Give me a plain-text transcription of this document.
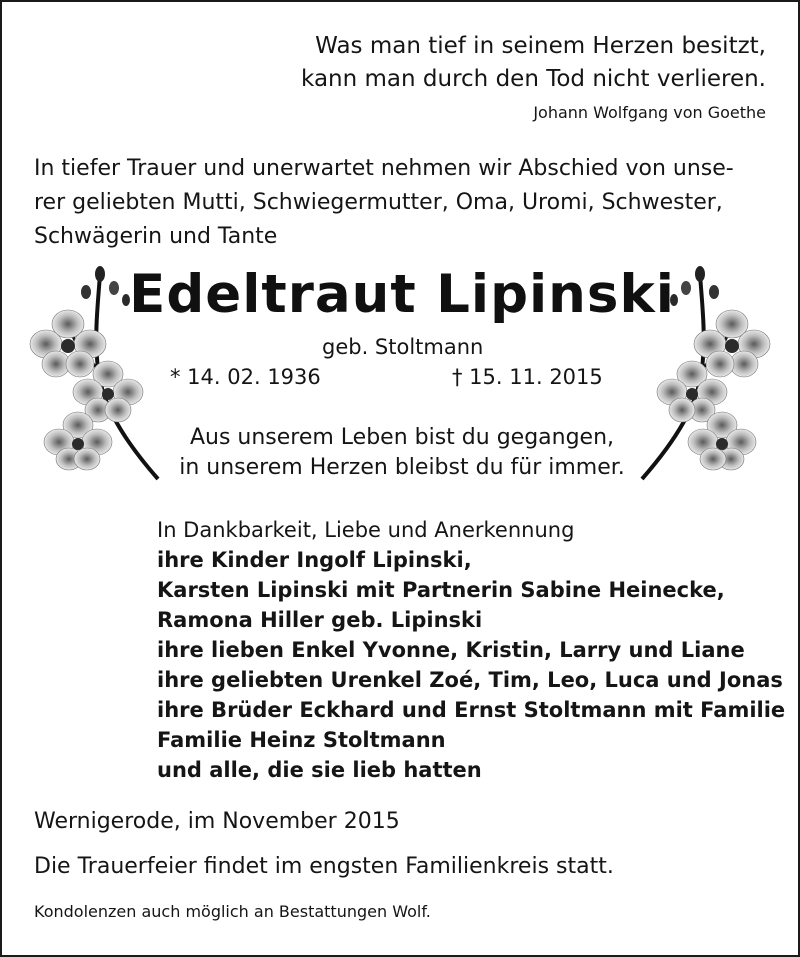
Was man tief in seinem Herzen besitzt,
kann man durch den Tod nicht verlieren.
Johann Wolfgang von Goethe
In tiefer Trauer und unerwartet nehmen wir Abschied von unse-
rer geliebten Mutti, Schwiegermutter, Oma, Uromi, Schwester,
Schwägerin und Tante
Edeltraut Lipinski
geb. Stoltmann
* 14. 02. 1936	† 15. 11. 2015
Aus unserem Leben bist du gegangen,
in unserem Herzen bleibst du für immer.
In Dankbarkeit, Liebe und Anerkennung
ihre Kinder Ingolf Lipinski,
Karsten Lipinski mit Partnerin Sabine Heinecke,
Ramona Hiller geb. Lipinski
ihre lieben Enkel Yvonne, Kristin, Larry und Liane
ihre geliebten Urenkel Zoé, Tim, Leo, Luca und Jonas
ihre Brüder Eckhard und Ernst Stoltmann mit Familie
Familie Heinz Stoltmann
und alle, die sie lieb hatten
Wernigerode, im November 2015
Die Trauerfeier findet im engsten Familienkreis statt.
Kondolenzen auch möglich an Bestattungen Wolf.
